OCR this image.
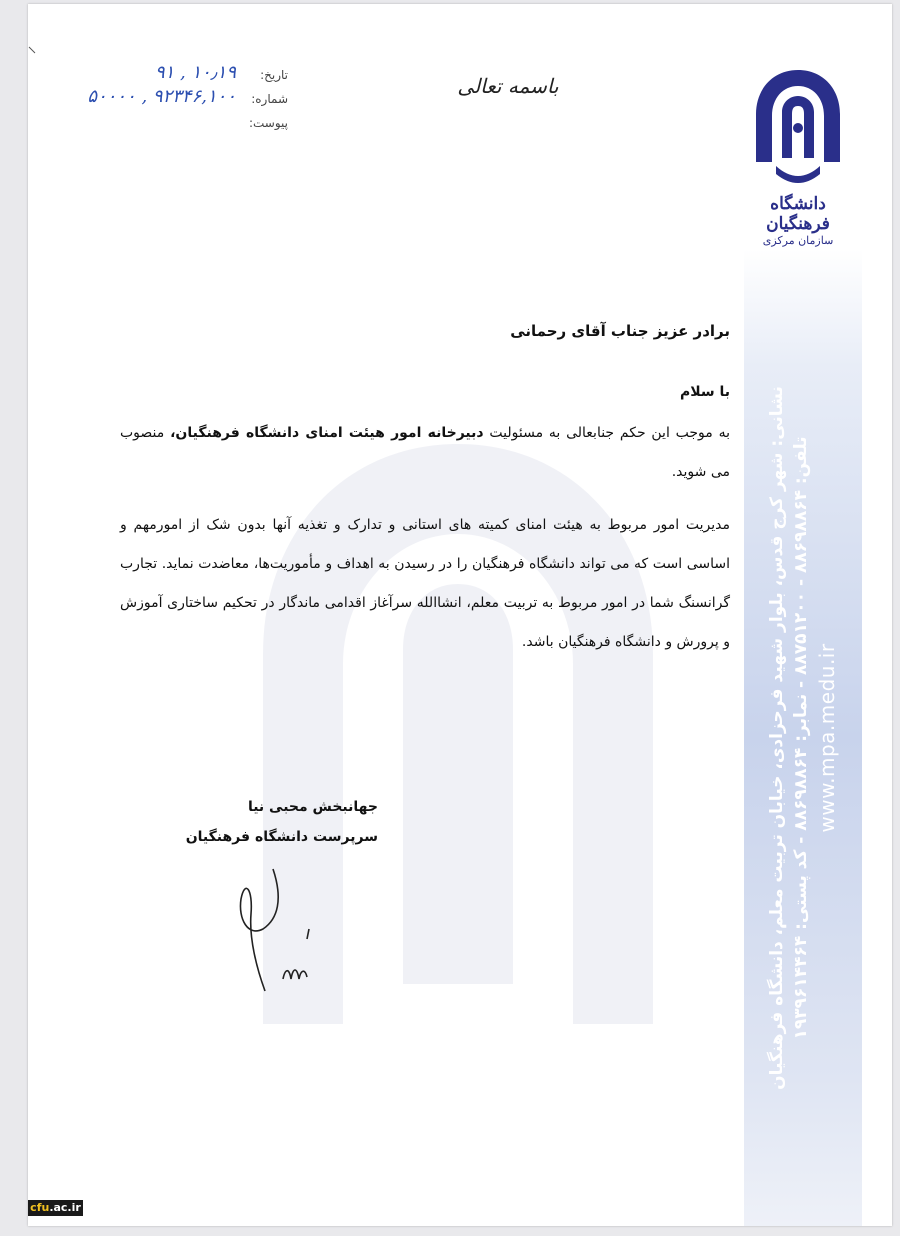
نشانی: شهر کرج قدس، بلوار شهید فرحزادی، خیابان تربیت معلم، دانشگاه فرهنگیان تلفن: ۸۸۶۹۸۸۶۴ - ۸۸۷۵۱۲۰۰ - نمابر: ۸۸۶۹۸۸۶۴ - کد پستی: ۱۹۳۹۶۱۴۴۶۴
www.mpa.medu.ir
دانشگاه فرهنگیان
سازمان مرکزی
تاریخ:
۹۱ , ۱۰٫۱۹
شماره:
۵۰۰۰۰ , ۹۲۳۴۶,۱۰۰
پیوست:
باسمه تعالی
برادر عزیز جناب آقای رحمانی
با سلام

به موجب این حکم جنابعالی به مسئولیت دبیرخانه امور هیئت امنای دانشگاه فرهنگیان، منصوب می شوید.

مدیریت امور مربوط به هیئت امنای کمیته های استانی و تدارک و تغذیه آنها بدون شک از امورمهم و اساسی است که می تواند دانشگاه فرهنگیان را در رسیدن به اهداف و مأموریت‌ها، معاضدت نماید. تجارب گرانسنگ شما در امور مربوط به تربیت معلم، انشاالله سرآغاز اقدامی ماندگار در تحکیم ساختاری آموزش و پرورش و دانشگاه فرهنگیان باشد.

جهانبخش محبی نیا
سرپرست دانشگاه فرهنگیان
cfu.ac.ir
